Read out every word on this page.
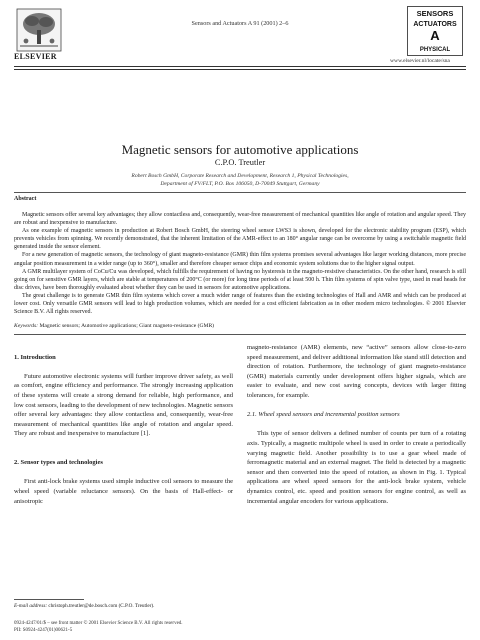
ELSEVIER
Sensors and Actuators A 91 (2001) 2–6
SENSORS
ACTUATORS
A
PHYSICAL
www.elsevier.nl/locate/sna
Magnetic sensors for automotive applications
C.P.O. Treutler
Robert Bosch GmbH, Corporate Research and Development, Research 1, Physical Technologies,
Department of FV/FLT, P.O. Box 106050, D-70049 Stuttgart, Germany
Abstract

Magnetic sensors offer several key advantages; they allow contactless and, consequently, wear-free measurement of mechanical quantities like angle of rotation and angular speed. They are robust and inexpensive to manufacture.

As one example of magnetic sensors in production at Robert Bosch GmbH, the steering wheel sensor LWS3 is shown, developed for the electronic stability program (ESP), which prevents vehicles from spinning. We recently demonstrated, that the inherent limitation of the AMR-effect to an 180° angular range can be overcome by using a switchable magnetic field generated inside the sensor element.

For a new generation of magnetic sensors, the technology of giant magneto-resistance (GMR) thin film systems promises several advantages like larger working distances, more precise angular position measurement in a wider range (up to 360°), smaller and therefore cheaper sensor chips and economic system solutions due to the higher signal output.

A GMR multilayer system of CoCu/Cu was developed, which fulfills the requirement of having no hysteresis in the magneto-resistive characteristics. On the other hand, research is still going on for sensitive GMR layers, which are stable at temperatures of 200°C (or more) for long time periods of at least 500 h. Thin film systems of spin valve type, used in read heads for disc drives, have been thoroughly evaluated about whether they can be used in sensors for automotive applications.

The great challenge is to generate GMR thin film systems which cover a much wider range of features than the existing technologies of Hall and AMR and which can be produced at lower cost. Only versatile GMR sensors will lead to high production volumes, which are needed for a cost efficient fabrication as in other modern micro technologies. © 2001 Elsevier Science B.V. All rights reserved.

Keywords: Magnetic sensors; Automotive applications; Giant magneto-resistance (GMR)
1. Introduction

Future automotive electronic systems will further improve driver safety, as well as comfort, engine efficiency and performance. The strongly increasing application of these systems will create a strong demand for reliable, high performance, and low cost sensors, leading to the development of new technologies. Magnetic sensors offer several key advantages: they allow contactless and, consequently, wear-free measurement of mechanical quantities like angle of rotation and angular speed. They are robust and inexpensive to manufacture [1].

2. Sensor types and technologies

First anti-lock brake systems used simple inductive coil sensors to measure the wheel speed (variable reluctance sensors). On the basis of Hall-effect- or anisotropic

magneto-resistance (AMR) elements, new “active” sensors allow close-to-zero speed measurement, and deliver additional information like stand still detection and direction of rotation. Furthermore, the technology of giant magneto-resistance (GMR) materials currently under development offers higher signals, which are easier to evaluate, and new cost saving concepts, devices with larger fitting tolerances, for example.

2.1. Wheel speed sensors and incremental position sensors

This type of sensor delivers a defined number of counts per turn of a rotating axis. Typically, a magnetic multipole wheel is used in order to create a periodically varying magnetic field. Another possibility is to use a gear wheel made of ferromagnetic material and an external magnet. The field is detected by a magnetic sensor and then converted into the speed of rotation, as shown in Fig. 1. Typical applications are wheel speed sensors for the anti-lock brake system, vehicle dynamics control, etc. speed and position sensors for engine control, as well as incremental angular encoders for various applications.

E-mail address: christoph.treutler@de.bosch.com (C.P.O. Treutler).
0924-4247/01/$ – see front matter © 2001 Elsevier Science B.V. All rights reserved.
PII: S0924-4247(01)00621-5
